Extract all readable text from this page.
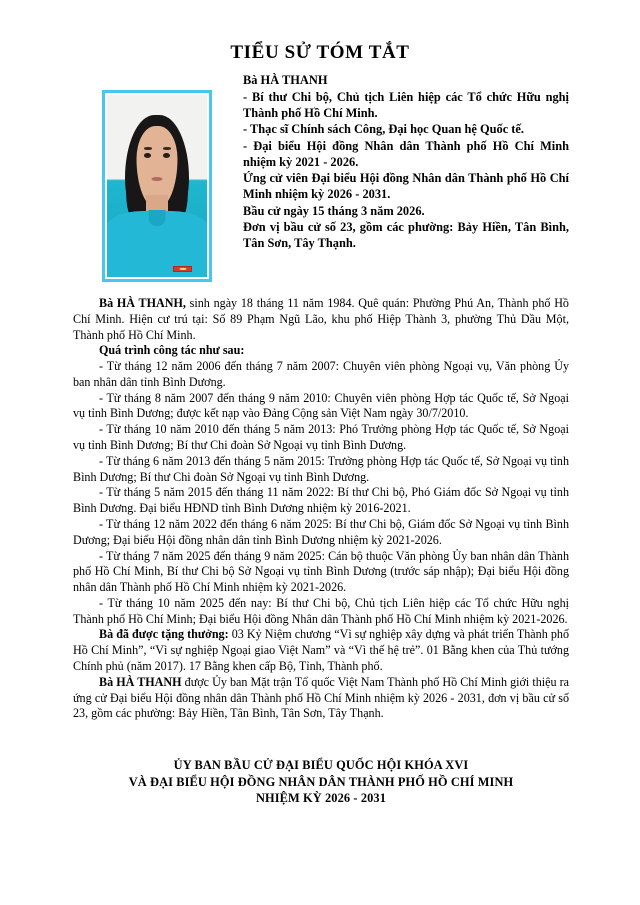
TIỂU SỬ TÓM TẮT
Bà HÀ THANH
- Bí thư Chi bộ, Chủ tịch Liên hiệp các Tổ chức Hữu nghị Thành phố Hồ Chí Minh.
- Thạc sĩ Chính sách Công, Đại học Quan hệ Quốc tế.
- Đại biểu Hội đồng Nhân dân Thành phố Hồ Chí Minh nhiệm kỳ 2021 - 2026.
Ứng cử viên Đại biểu Hội đồng Nhân dân Thành phố Hồ Chí Minh nhiệm kỳ 2026 - 2031.
Bầu cử ngày 15 tháng 3 năm 2026.
Đơn vị bầu cử số 23, gồm các phường: Bảy Hiền, Tân Bình, Tân Sơn, Tây Thạnh.

Bà HÀ THANH, sinh ngày 18 tháng 11 năm 1984. Quê quán: Phường Phú An, Thành phố Hồ Chí Minh. Hiện cư trú tại: Số 89 Phạm Ngũ Lão, khu phố Hiệp Thành 3, phường Thủ Dầu Một, Thành phố Hồ Chí Minh.

Quá trình công tác như sau:

- Từ tháng 12 năm 2006 đến tháng 7 năm 2007: Chuyên viên phòng Ngoại vụ, Văn phòng Ủy ban nhân dân tỉnh Bình Dương.

- Từ tháng 8 năm 2007 đến tháng 9 năm 2010: Chuyên viên phòng Hợp tác Quốc tế, Sở Ngoại vụ tỉnh Bình Dương; được kết nạp vào Đảng Cộng sản Việt Nam ngày 30/7/2010.

- Từ tháng 10 năm 2010 đến tháng 5 năm 2013: Phó Trưởng phòng Hợp tác Quốc tế, Sở Ngoại vụ tỉnh Bình Dương; Bí thư Chi đoàn Sở Ngoại vụ tỉnh Bình Dương.

- Từ tháng 6 năm 2013 đến tháng 5 năm 2015: Trưởng phòng Hợp tác Quốc tế, Sở Ngoại vụ tỉnh Bình Dương; Bí thư Chi đoàn Sở Ngoại vụ tỉnh Bình Dương.

- Từ tháng 5 năm 2015 đến tháng 11 năm 2022: Bí thư Chi bộ, Phó Giám đốc Sở Ngoại vụ tỉnh Bình Dương. Đại biểu HĐND tỉnh Bình Dương nhiệm kỳ 2016-2021.

- Từ tháng 12 năm 2022 đến tháng 6 năm 2025: Bí thư Chi bộ, Giám đốc Sở Ngoại vụ tỉnh Bình Dương; Đại biểu Hội đồng nhân dân tỉnh Bình Dương nhiệm kỳ 2021-2026.

- Từ tháng 7 năm 2025 đến tháng 9 năm 2025: Cán bộ thuộc Văn phòng Ủy ban nhân dân Thành phố Hồ Chí Minh, Bí thư Chi bộ Sở Ngoại vụ tỉnh Bình Dương (trước sáp nhập); Đại biểu Hội đồng nhân dân Thành phố Hồ Chí Minh nhiệm kỳ 2021-2026.

- Từ tháng 10 năm 2025 đến nay: Bí thư Chi bộ, Chủ tịch Liên hiệp các Tổ chức Hữu nghị Thành phố Hồ Chí Minh; Đại biểu Hội đồng Nhân dân Thành phố Hồ Chí Minh nhiệm kỳ 2021-2026.

Bà đã được tặng thưởng: 03 Kỷ Niệm chương “Vì sự nghiệp xây dựng và phát triển Thành phố Hồ Chí Minh”, “Vì sự nghiệp Ngoại giao Việt Nam” và “Vì thế hệ trẻ”. 01 Bằng khen của Thủ tướng Chính phủ (năm 2017). 17 Bằng khen cấp Bộ, Tỉnh, Thành phố.

Bà HÀ THANH được Ủy ban Mặt trận Tổ quốc Việt Nam Thành phố Hồ Chí Minh giới thiệu ra ứng cử Đại biểu Hội đồng nhân dân Thành phố Hồ Chí Minh nhiệm kỳ 2026 - 2031, đơn vị bầu cử số 23, gồm các phường: Bảy Hiền, Tân Bình, Tân Sơn, Tây Thạnh.

ỦY BAN BẦU CỬ ĐẠI BIỂU QUỐC HỘI KHÓA XVI
VÀ ĐẠI BIỂU HỘI ĐỒNG NHÂN DÂN THÀNH PHỐ HỒ CHÍ MINH
NHIỆM KỲ 2026 - 2031
